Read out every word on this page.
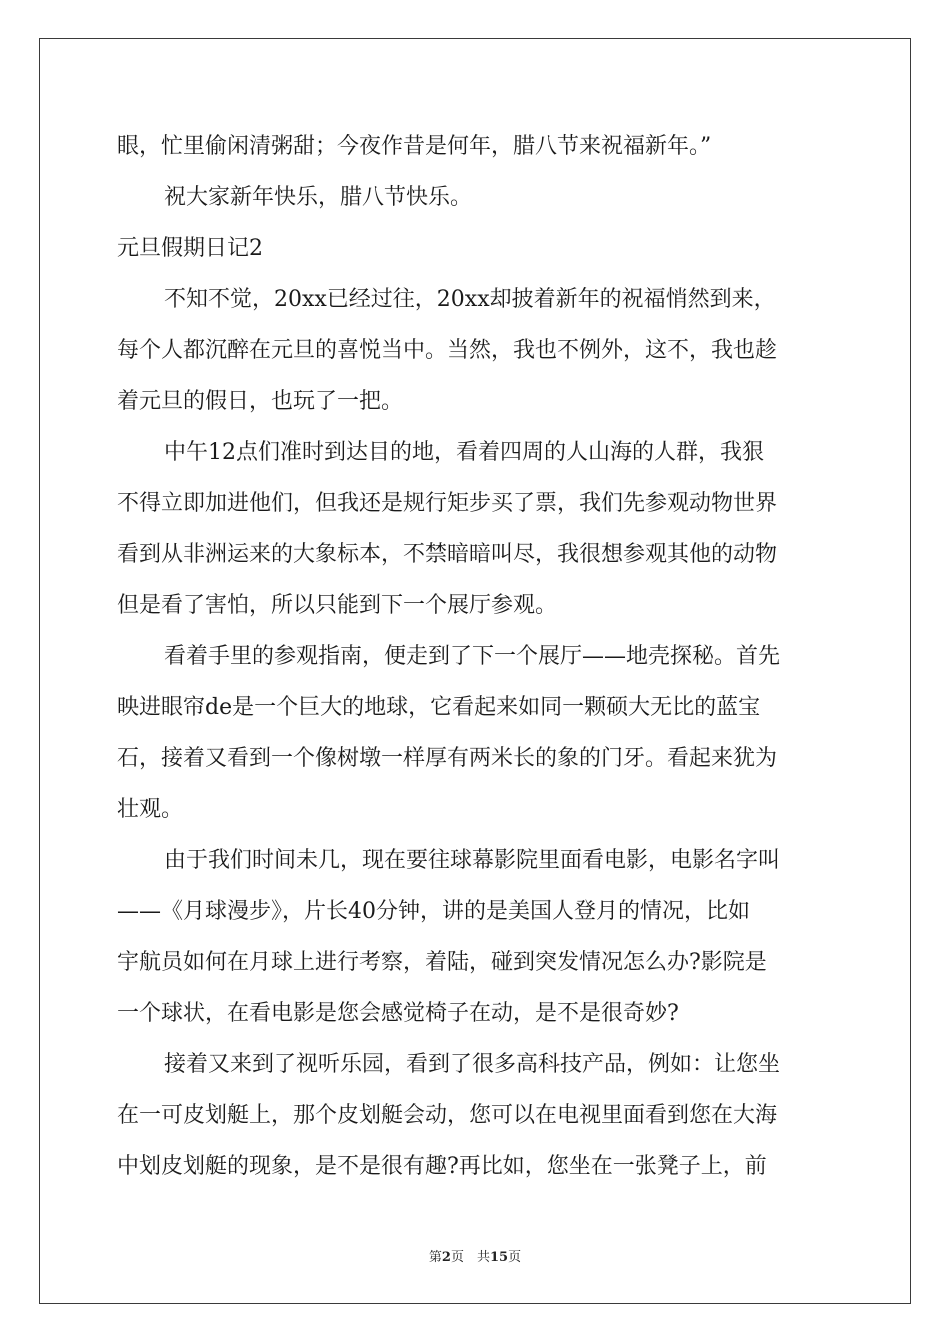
眼，忙里偷闲清粥甜；今夜作昔是何年，腊八节来祝福新年。”
祝大家新年快乐，腊八节快乐。
元旦假期日记2
不知不觉，20xx已经过往，20xx却披着新年的祝福悄然到来，
每个人都沉醉在元旦的喜悦当中。当然，我也不例外，这不，我也趁
着元旦的假日，也玩了一把。
中午12点们准时到达目的地，看着四周的人山海的人群，我狠
不得立即加进他们，但我还是规行矩步买了票，我们先参观动物世界
看到从非洲运来的大象标本，不禁暗暗叫尽，我很想参观其他的动物
但是看了害怕，所以只能到下一个展厅参观。
看着手里的参观指南，便走到了下一个展厅——地壳探秘。首先
映进眼帘de是一个巨大的地球，它看起来如同一颗硕大无比的蓝宝
石，接着又看到一个像树墩一样厚有两米长的象的门牙。看起来犹为
壮观。
由于我们时间未几，现在要往球幕影院里面看电影，电影名字叫
——《月球漫步》，片长40分钟，讲的是美国人登月的情况，比如
宇航员如何在月球上进行考察，着陆，碰到突发情况怎么办?影院是
一个球状，在看电影是您会感觉椅子在动，是不是很奇妙?
接着又来到了视听乐园，看到了很多高科技产品，例如：让您坐
在一可皮划艇上，那个皮划艇会动，您可以在电视里面看到您在大海
中划皮划艇的现象，是不是很有趣?再比如，您坐在一张凳子上，前
第2页　共15页
